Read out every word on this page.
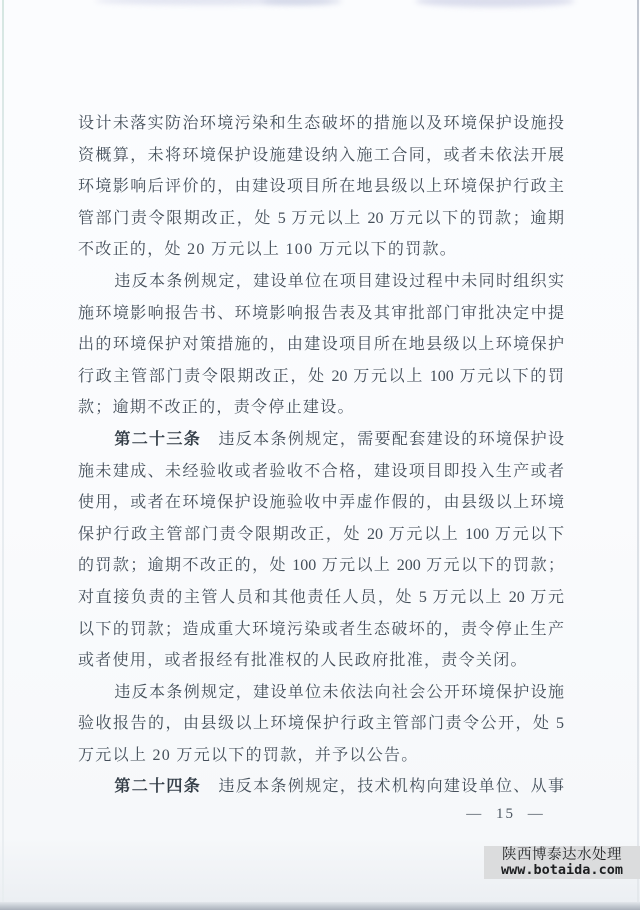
设计未落实防治环境污染和生态破坏的措施以及环境保护设施投
资概算，未将环境保护设施建设纳入施工合同，或者未依法开展
环境影响后评价的，由建设项目所在地县级以上环境保护行政主
管部门责令限期改正，处 5 万元以上 20 万元以下的罚款；逾期
不改正的，处 20 万元以上 100 万元以下的罚款。
违反本条例规定，建设单位在项目建设过程中未同时组织实
施环境影响报告书、环境影响报告表及其审批部门审批决定中提
出的环境保护对策措施的，由建设项目所在地县级以上环境保护
行政主管部门责令限期改正，处 20 万元以上 100 万元以下的罚
款；逾期不改正的，责令停止建设。
第二十三条　 违反本条例规定，需要配套建设的环境保护设
施未建成、未经验收或者验收不合格，建设项目即投入生产或者
使用，或者在环境保护设施验收中弄虚作假的，由县级以上环境
保护行政主管部门责令限期改正，处 20 万元以上 100 万元以下
的罚款；逾期不改正的，处 100 万元以上 200 万元以下的罚款；
对直接负责的主管人员和其他责任人员，处 5 万元以上 20 万元
以下的罚款；造成重大环境污染或者生态破坏的，责令停止生产
或者使用，或者报经有批准权的人民政府批准，责令关闭。
违反本条例规定，建设单位未依法向社会公开环境保护设施
验收报告的，由县级以上环境保护行政主管部门责令公开，处 5
万元以上 20 万元以下的罚款，并予以公告。
第二十四条　 违反本条例规定，技术机构向建设单位、从事
— 15 —
陕西博泰达水处理
www.botaida.com
